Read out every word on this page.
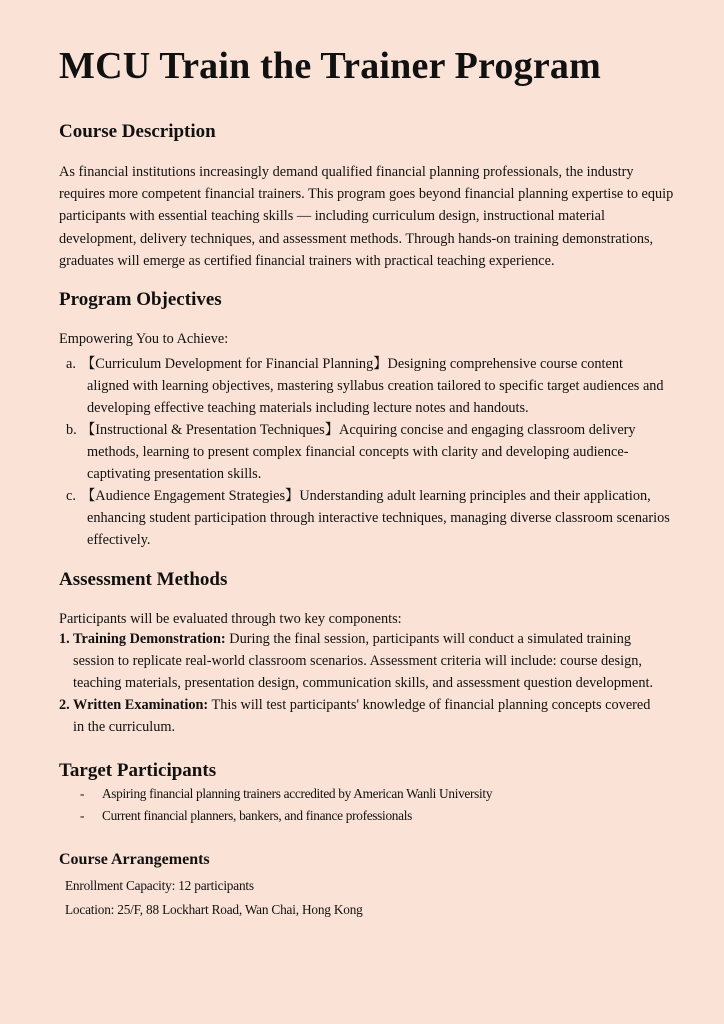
MCU Train the Trainer Program
Course Description

As financial institutions increasingly demand qualified financial planning professionals, the industry requires more competent financial trainers. This program goes beyond financial planning expertise to equip participants with essential teaching skills — including curriculum design, instructional material development, delivery techniques, and assessment methods. Through hands-on training demonstrations, graduates will emerge as certified financial trainers with practical teaching experience.

Program Objectives

Empowering You to Achieve:

a. 【Curriculum Development for Financial Planning】Designing comprehensive course content
aligned with learning objectives, mastering syllabus creation tailored to specific target audiences and developing effective teaching materials including lecture notes and handouts.
b. 【Instructional & Presentation Techniques】Acquiring concise and engaging classroom delivery
methods, learning to present complex financial concepts with clarity and developing audience-captivating presentation skills.
c. 【Audience Engagement Strategies】Understanding adult learning principles and their application,
enhancing student participation through interactive techniques, managing diverse classroom scenarios effectively.
Assessment Methods

Participants will be evaluated through two key components:

1. Training Demonstration: During the final session, participants will conduct a simulated training
session to replicate real-world classroom scenarios. Assessment criteria will include: course design, teaching materials, presentation design, communication skills, and assessment question development.
2. Written Examination: This will test participants' knowledge of financial planning concepts covered
in the curriculum.
Target Participants

- Aspiring financial planning trainers accredited by American Wanli University

- Current financial planners, bankers, and finance professionals

Course Arrangements

Enrollment Capacity: 12 participants

Location: 25/F, 88 Lockhart Road, Wan Chai, Hong Kong
